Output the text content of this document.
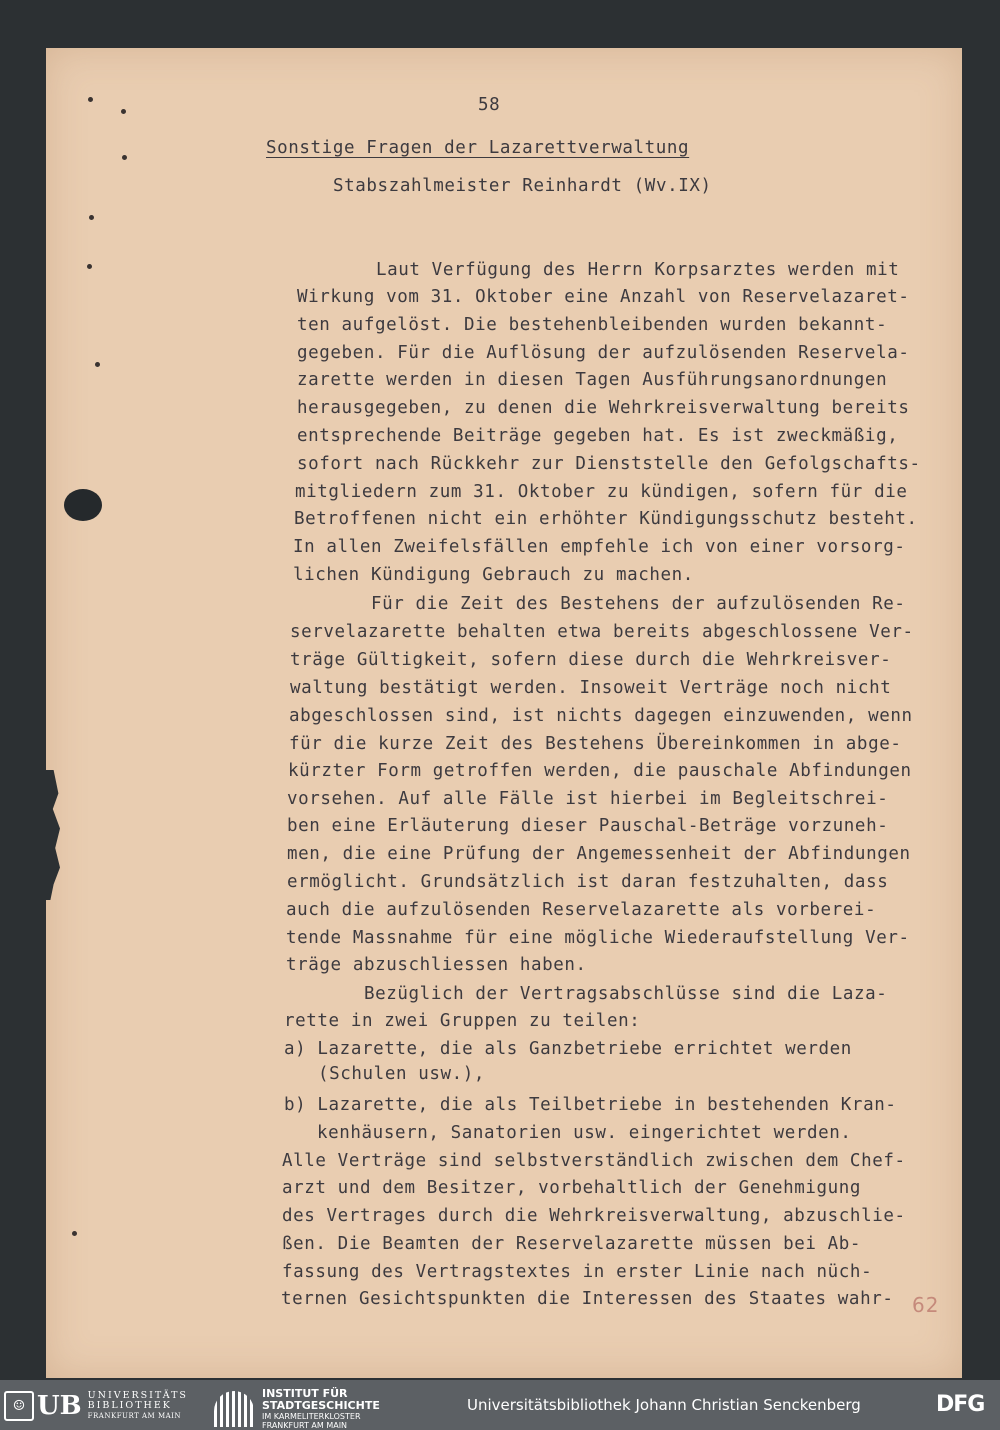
58
Sonstige Fragen der Lazarettverwaltung
Stabszahlmeister Reinhardt (Wv.IX)
Laut Verfügung des Herrn Korpsarztes werden mit
Wirkung vom 31. Oktober eine Anzahl von Reservelazaret-
ten aufgelöst. Die bestehenbleibenden wurden bekannt-
gegeben. Für die Auflösung der aufzulösenden Reservela-
zarette werden in diesen Tagen Ausführungsanordnungen
herausgegeben, zu denen die Wehrkreisverwaltung bereits
entsprechende Beiträge gegeben hat. Es ist zweckmäßig,
sofort nach Rückkehr zur Dienststelle den Gefolgschafts-
mitgliedern zum 31. Oktober zu kündigen, sofern für die
Betroffenen nicht ein erhöhter Kündigungsschutz besteht.
In allen Zweifelsfällen empfehle ich von einer vorsorg-
lichen Kündigung Gebrauch zu machen.
Für die Zeit des Bestehens der aufzulösenden Re-
servelazarette behalten etwa bereits abgeschlossene Ver-
träge Gültigkeit, sofern diese durch die Wehrkreisver-
waltung bestätigt werden. Insoweit Verträge noch nicht
abgeschlossen sind, ist nichts dagegen einzuwenden, wenn
für die kurze Zeit des Bestehens Übereinkommen in abge-
kürzter Form getroffen werden, die pauschale Abfindungen
vorsehen. Auf alle Fälle ist hierbei im Begleitschrei-
ben eine Erläuterung dieser Pauschal-Beträge vorzuneh-
men, die eine Prüfung der Angemessenheit der Abfindungen
ermöglicht. Grundsätzlich ist daran festzuhalten, dass
auch die aufzulösenden Reservelazarette als vorberei-
tende Massnahme für eine mögliche Wiederaufstellung Ver-
träge abzuschliessen haben.
Bezüglich der Vertragsabschlüsse sind die Laza-
rette in zwei Gruppen zu teilen:
a) Lazarette, die als Ganzbetriebe errichtet werden
(Schulen usw.),
b) Lazarette, die als Teilbetriebe in bestehenden Kran-
kenhäusern, Sanatorien usw. eingerichtet werden.
Alle Verträge sind selbstverständlich zwischen dem Chef-
arzt und dem Besitzer, vorbehaltlich der Genehmigung
des Vertrages durch die Wehrkreisverwaltung, abzuschlie-
ßen. Die Beamten der Reservelazarette müssen bei Ab-
fassung des Vertragstextes in erster Linie nach nüch-
ternen Gesichtspunkten die Interessen des Staates wahr- 62
☺ UB UNIVERSITÄTS
BIBLIOTHEK
FRANKFURT AM MAIN
INSTITUT FÜR
STADTGESCHICHTE
IM KARMELITERKLOSTER
FRANKFURT AM MAIN
Universitätsbibliothek Johann Christian Senckenberg	DFG
